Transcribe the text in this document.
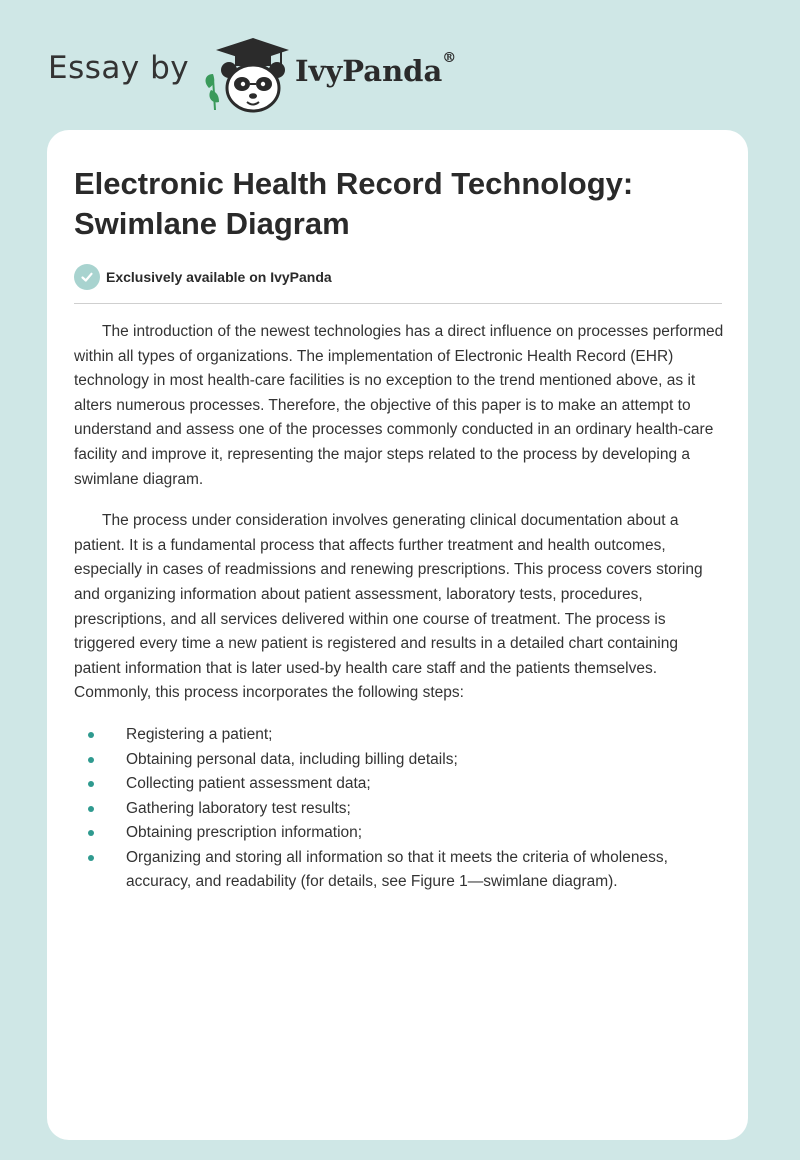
Essay by	IvyPanda®
Electronic Health Record Technology: Swimlane Diagram
Exclusively available on IvyPanda

The introduction of the newest technologies has a direct influence on processes performed within all types of organizations. The implementation of Electronic Health Record (EHR) technology in most health-care facilities is no exception to the trend mentioned above, as it alters numerous processes. Therefore, the objective of this paper is to make an attempt to understand and assess one of the processes commonly conducted in an ordinary health-care facility and improve it, representing the major steps related to the process by developing a swimlane diagram.

The process under consideration involves generating clinical documentation about a patient. It is a fundamental process that affects further treatment and health outcomes, especially in cases of readmissions and renewing prescriptions. This process covers storing and organizing information about patient assessment, laboratory tests, procedures, prescriptions, and all services delivered within one course of treatment. The process is triggered every time a new patient is registered and results in a detailed chart containing patient information that is later used-by health care staff and the patients themselves. Commonly, this process incorporates the following steps:

Registering a patient;
Obtaining personal data, including billing details;
Collecting patient assessment data;
Gathering laboratory test results;
Obtaining prescription information;
Organizing and storing all information so that it meets the criteria of wholeness, accuracy, and readability (for details, see Figure 1—swimlane diagram).
